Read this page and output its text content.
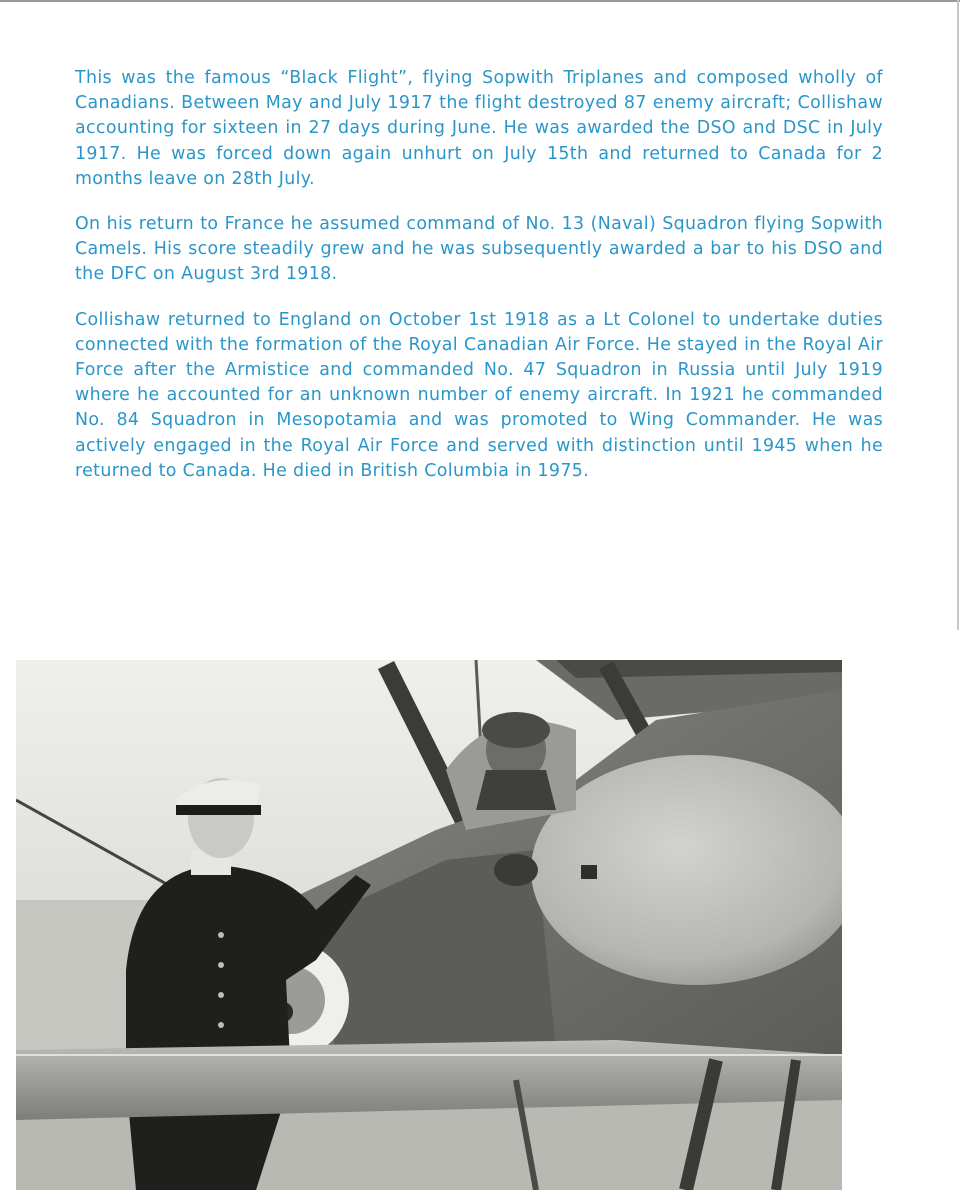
This was the famous “Black Flight”, flying Sopwith Triplanes and composed wholly of Canadians. Between May and July 1917 the flight destroyed 87 enemy aircraft; Collishaw accounting for sixteen in 27 days during June. He was awarded the DSO and DSC in July 1917. He was forced down again unhurt on July 15th and returned to Canada for 2 months leave on 28th July.

On his return to France he assumed command of No. 13 (Naval) Squadron flying Sopwith Camels. His score steadily grew and he was subsequently awarded a bar to his DSO and the DFC on August 3rd 1918.

Collishaw returned to England on October 1st 1918 as a Lt Colonel to undertake duties connected with the formation of the Royal Canadian Air Force. He stayed in the Royal Air Force after the Armistice and commanded No. 47 Squadron in Russia until July 1919 where he accounted for an unknown number of enemy aircraft. In 1921 he commanded No. 84 Squadron in Mesopotamia and was promoted to Wing Commander. He was actively engaged in the Royal Air Force and served with distinction until 1945 when he returned to Canada. He died in British Columbia in 1975.
